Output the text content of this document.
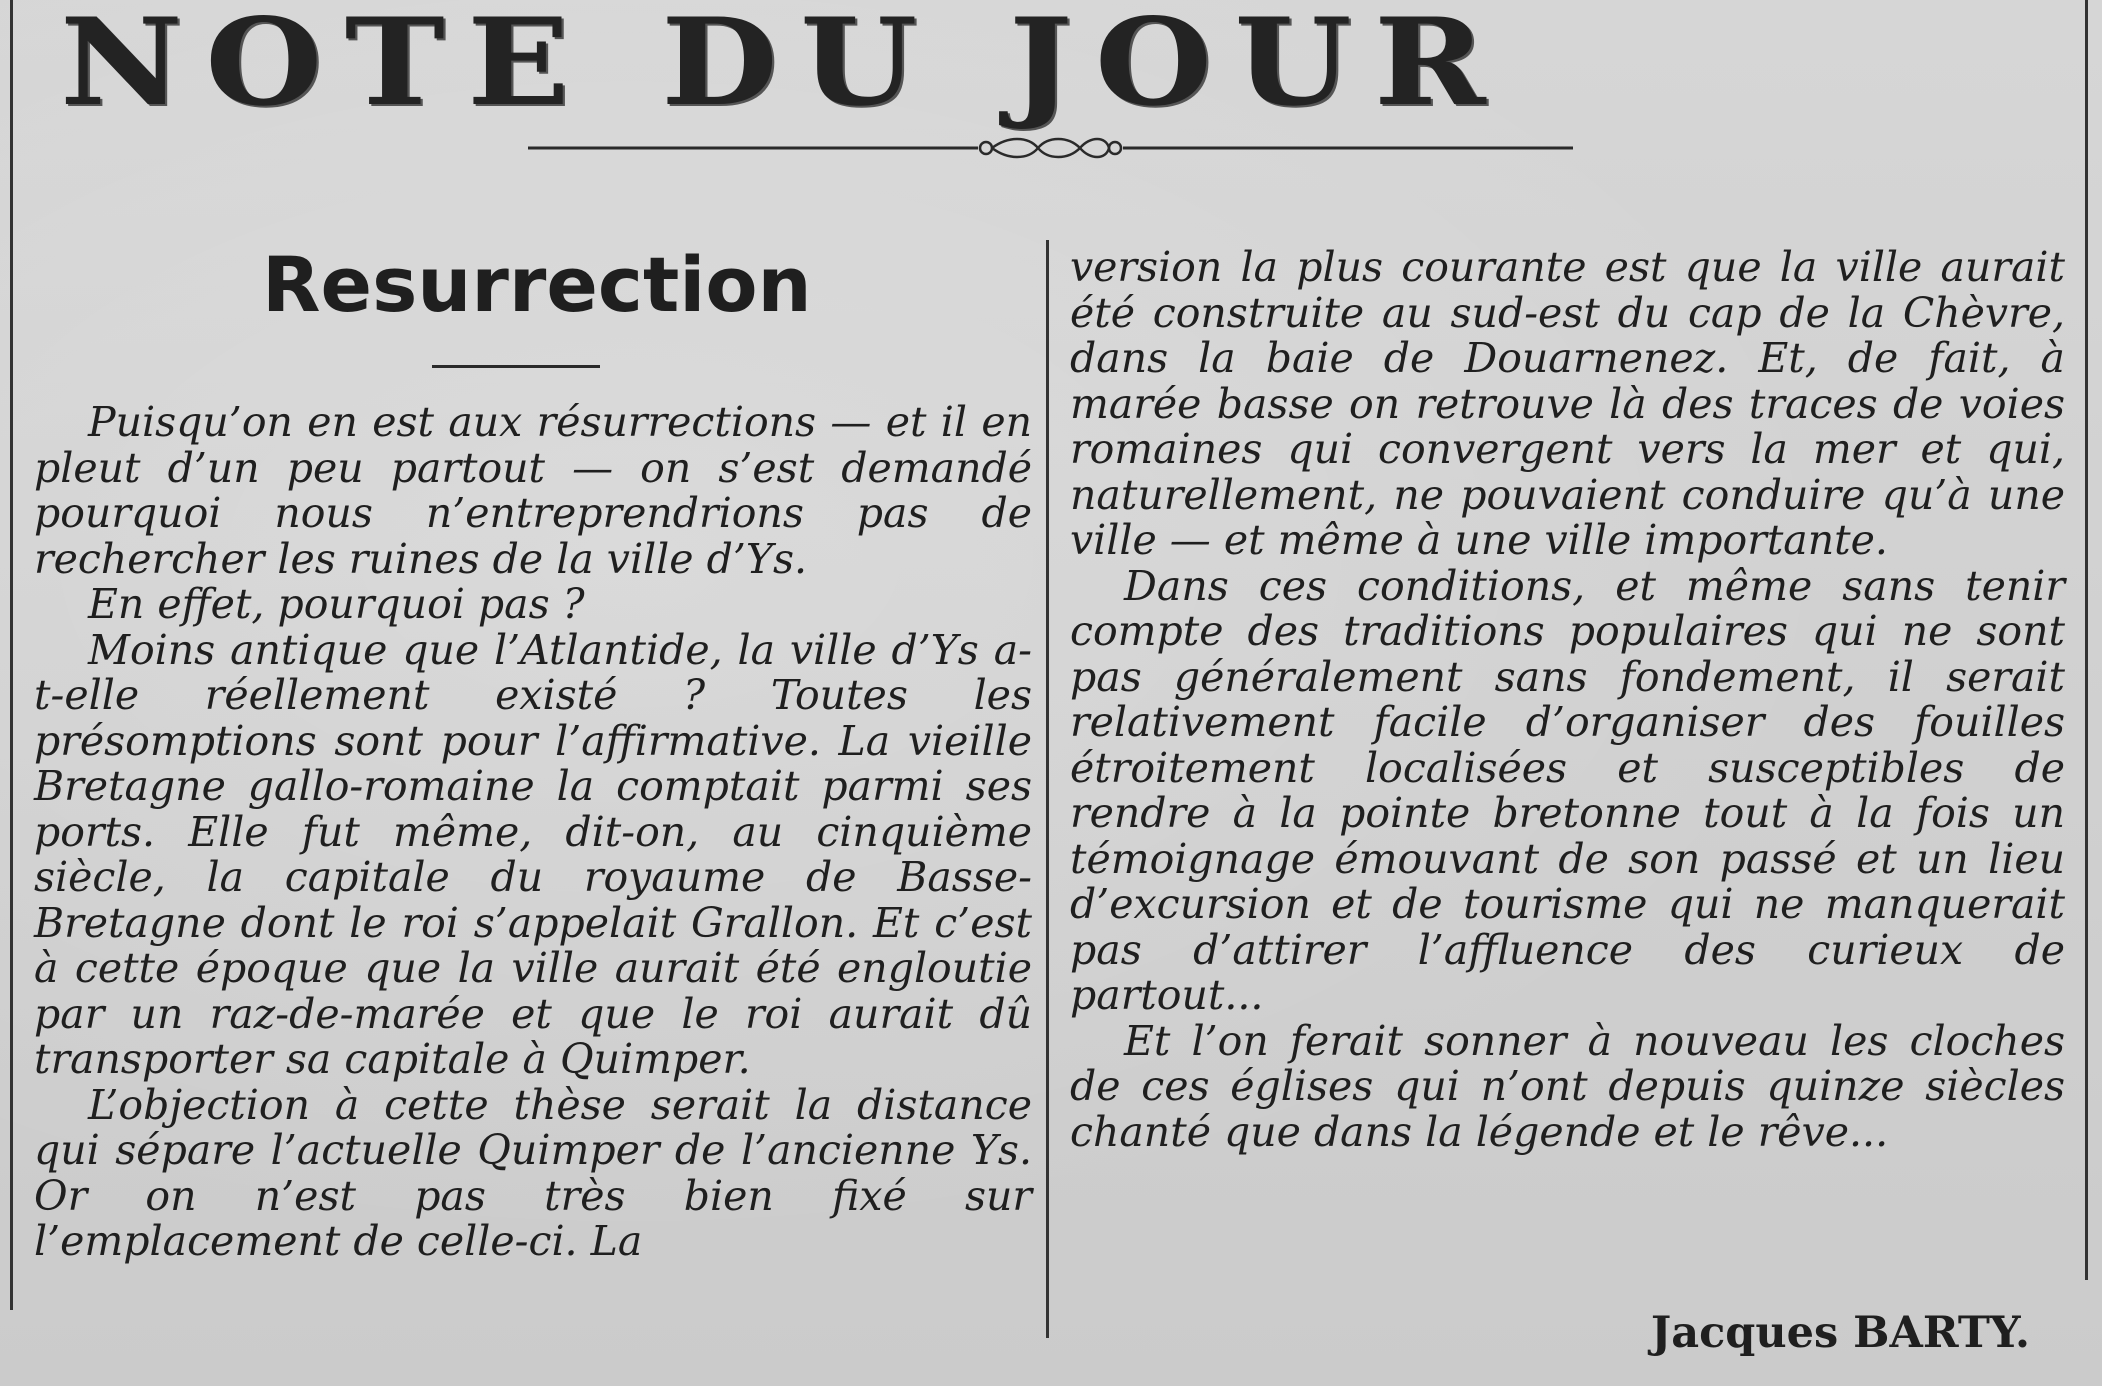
NOTE DU JOUR
Resurrection

Puisqu’on en est aux résurrections — et il en pleut d’un peu partout — on s’est demandé pourquoi nous n’entreprendrions pas de rechercher les ruines de la ville d’Ys.

En effet, pourquoi pas ?

Moins antique que l’Atlantide, la ville d’Ys a-t-elle réellement existé ? Toutes les présomptions sont pour l’affirmative. La vieille Bretagne gallo-romaine la comptait parmi ses ports. Elle fut même, dit-on, au cinquième siècle, la capitale du royaume de Basse-Bretagne dont le roi s’appelait Grallon. Et c’est à cette époque que la ville aurait été engloutie par un raz-de-marée et que le roi aurait dû transporter sa capitale à Quimper.

L’objection à cette thèse serait la distance qui sépare l’actuelle Quimper de l’ancienne Ys. Or on n’est pas très bien fixé sur l’emplacement de celle-ci. La

version la plus courante est que la ville aurait été construite au sud-est du cap de la Chèvre, dans la baie de Douarnenez. Et, de fait, à marée basse on retrouve là des traces de voies romaines qui convergent vers la mer et qui, naturellement, ne pouvaient conduire qu’à une ville — et même à une ville importante.

Dans ces conditions, et même sans tenir compte des traditions populaires qui ne sont pas généralement sans fondement, il serait relativement facile d’organiser des fouilles étroitement localisées et susceptibles de rendre à la pointe bretonne tout à la fois un témoignage émouvant de son passé et un lieu d’excursion et de tourisme qui ne manquerait pas d’attirer l’affluence des curieux de partout...

Et l’on ferait sonner à nouveau les cloches de ces églises qui n’ont depuis quinze siècles chanté que dans la légende et le rêve...

Jacques BARTY.
